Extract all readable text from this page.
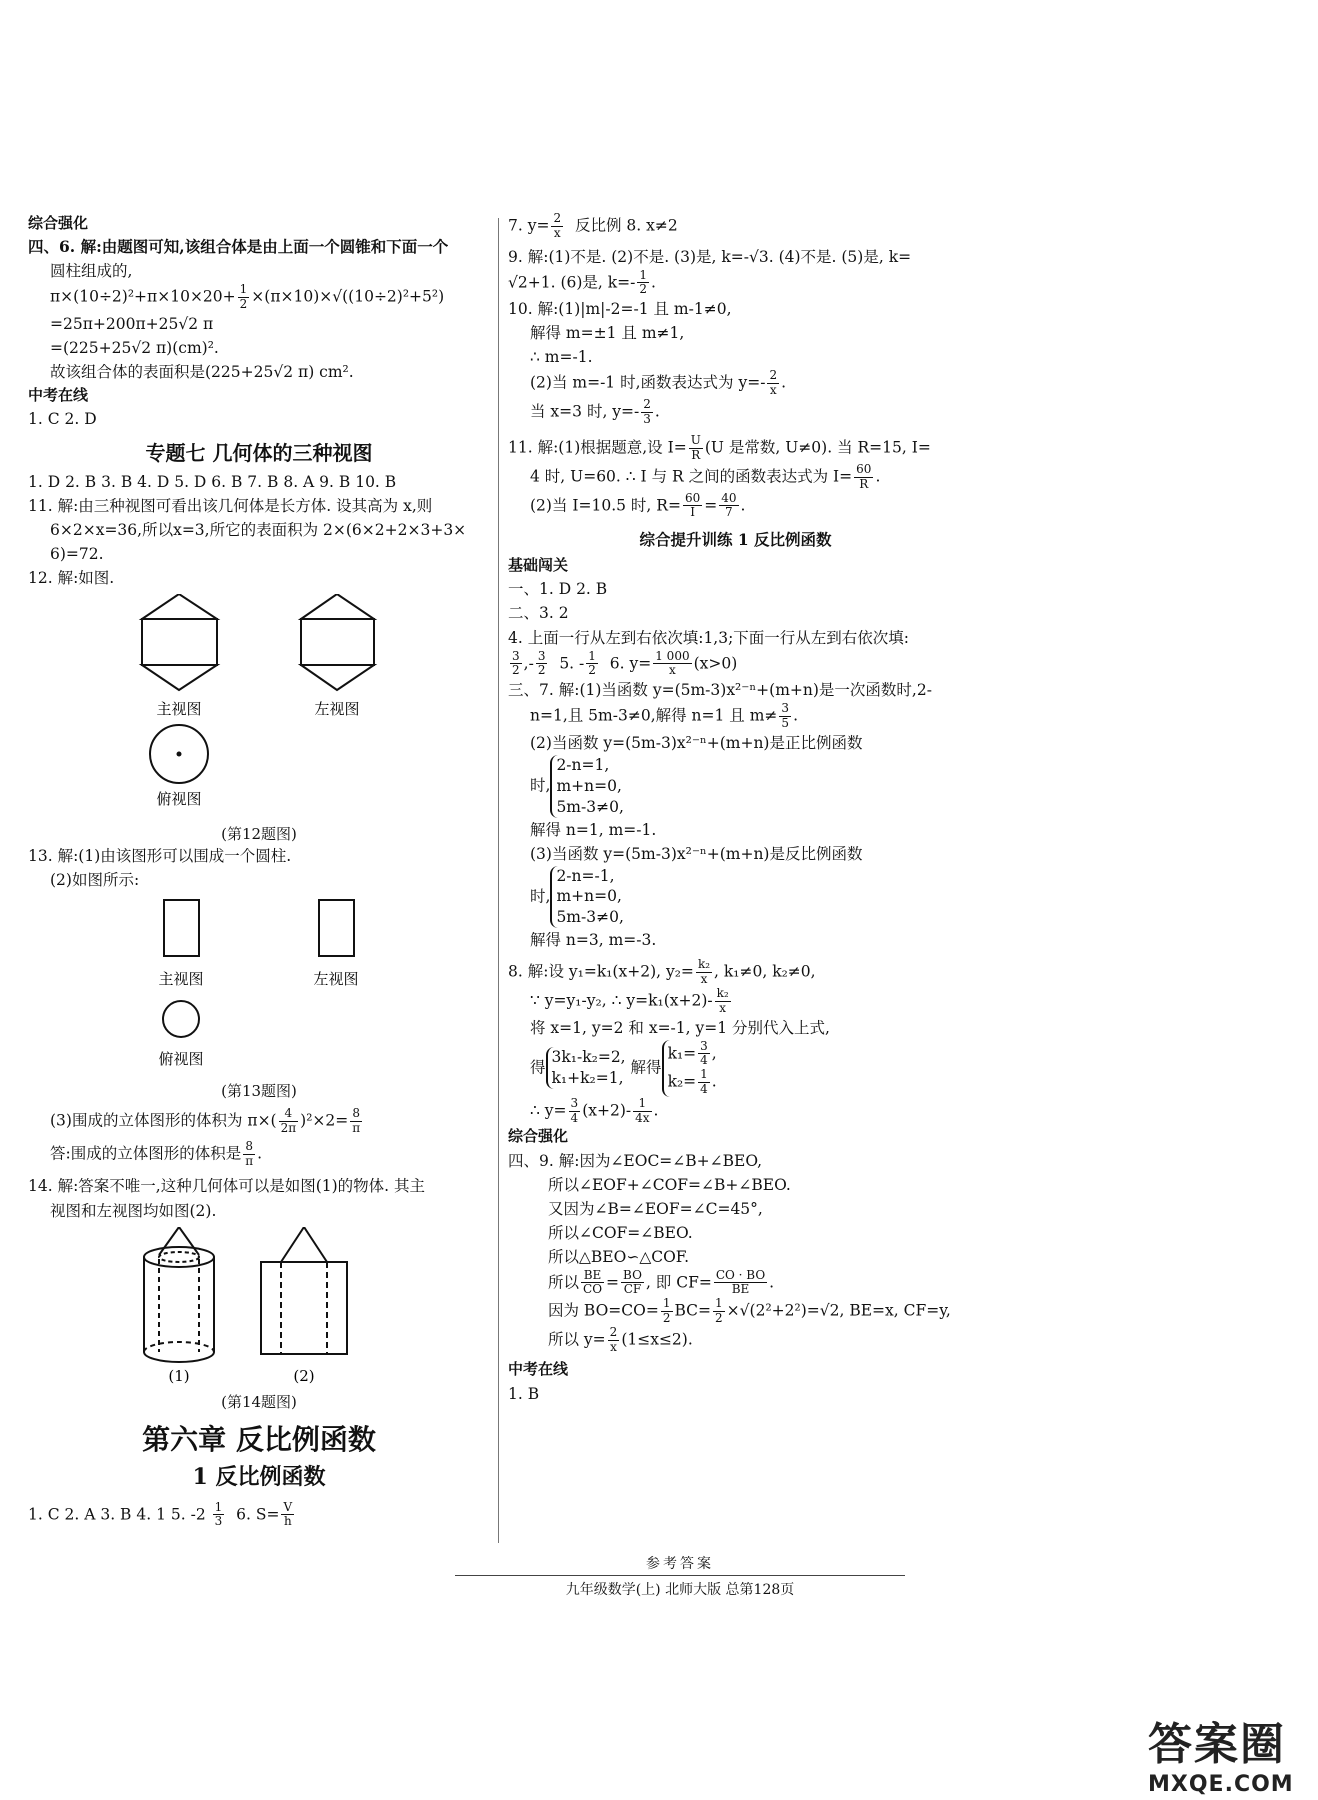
综合强化
四、6. 解:由题图可知,该组合体是由上面一个圆锥和下面一个
圆柱组成的,
$\pi\times(10\div 2)^2+\pi\times 10\times 20+ \frac{1}{2} \times(\pi\times 10)\times√((10\div 2)^2+5^2)$
=25π+200π+25√2 π
=(225+25√2 π)(cm)².
故该组合体的表面积是(225+25√2 π) cm².
中考在线
1. C 2. D
专题七 几何体的三种视图
1. D 2. B 3. B 4. D 5. D 6. B 7. B 8. A 9. B 10. B
11. 解:由三种视图可看出该几何体是长方体. 设其高为 x,则
6×2×x=36,所以x=3,所它的表面积为 2×(6×2+2×3+3×
6)=72.
12. 解:如图.
主视图	左视图
俯视图
(第12题图)
13. 解:(1)由该图形可以围成一个圆柱.
(2)如图所示:
主视图	左视图
俯视图
(第13题图)
(3)围成的立体图形的体积为 $\pi\times( \frac{4}{2\pi} )^2\times 2= \frac{8}{\pi}$
答:围成的立体图形的体积是 $\frac{8}{\pi}$ .
14. 解:答案不唯一,这种几何体可以是如图(1)的物体. 其主
视图和左视图均如图(2).
(1)	(2)
(第14题图)
第六章 反比例函数
1 反比例函数
1. C 2. A 3. B 4. 1 5. $-2 \frac{1}{3} 6$. $S= \frac{V}{h}$
7. $y= \frac{2}{x}$ 反比例 8. x≠2
9. 解:(1)不是. (2)不是. (3)是, k=-√3. (4)不是. (5)是, k=
√2+1. (6)是, $k=- \frac{1}{2}$ .
10. 解:(1)|m|-2=-1 且 m-1≠0,
解得 m=±1 且 m≠1,
∴ m=-1.
(2)当 m=-1 时,函数表达式为 $y=- \frac{2}{x}$ .
当 x=3 时, $y=- \frac{2}{3}$ .
11. 解:(1)根据题意,设 $I= \frac{U}{R} (U$ 是常数, U≠0). 当 R=15, I=
4 时, U=60. ∴ I 与 R 之间的函数表达式为 $I= \frac{60}{R}$ .
(2)当 I=10.5 时, $R= \frac{60}{I} = \frac{40}{7}$ .
综合提升训练 1 反比例函数
基础闯关
一、1. D 2. B
二、3. 2
4. 上面一行从左到右依次填:1,3;下面一行从左到右依次填:
$\frac{3}{2}$ ,- $\frac{3}{2} 5$. - $\frac{1}{2} 6$. $y= \frac{1 000}{x} (x>0)$
三、7. 解:(1)当函数 y=(5m-3)x²⁻ⁿ+(m+n)是一次函数时,2-
n=1,且 5m-3≠0,解得 n=1 且 $m\ne \frac{3}{5}$ .
(2)当函数 y=(5m-3)x²⁻ⁿ+(m+n)是正比例函数
时,
2-n=1,
m+n=0,
5m-3≠0,
解得 n=1, m=-1.
(3)当函数 y=(5m-3)x²⁻ⁿ+(m+n)是反比例函数
时,
2-n=-1,
m+n=0,
5m-3≠0,
解得 n=3, m=-3.
8. 解:设 y₁=k₁(x+2), $y_2= \frac{\text{k₂}}{x}$ , k₁≠0, k₂≠0,
∵ y=y₁-y₂, ∴ $y=k_1(x+2)- \frac{\text{k₂}}{x}$
将 x=1, y=2 和 x=-1, y=1 分别代入上式,
得
3k₁-k₂=2,
k₁+k₂=1,
解得
$k_1= \frac{3}{4}$ ,
$k_2= \frac{1}{4}$ .
∴ $y= \frac{3}{4} (x+2)- \frac{1}{4x}$ .
综合强化
四、9. 解:因为∠EOC=∠B+∠BEO,
所以∠EOF+∠COF=∠B+∠BEO.
又因为∠B=∠EOF=∠C=45°,
所以∠COF=∠BEO.
所以△BEO∽△COF.
所以 $\frac{BE}{CO} = \frac{BO}{CF}$ , 即 $CF= \frac{CO \cdot BO}{BE}$ .
因为 $BO=CO= \frac{1}{2} BC= \frac{1}{2} \times√(2^2+2^2)=√2$, BE=x, CF=y,
所以 $y= \frac{2}{x} (1\le x\le 2)$.
中考在线
1. B
参考答案
九年级数学(上) 北师大版 总第128页
答案圈
MXQE.COM
